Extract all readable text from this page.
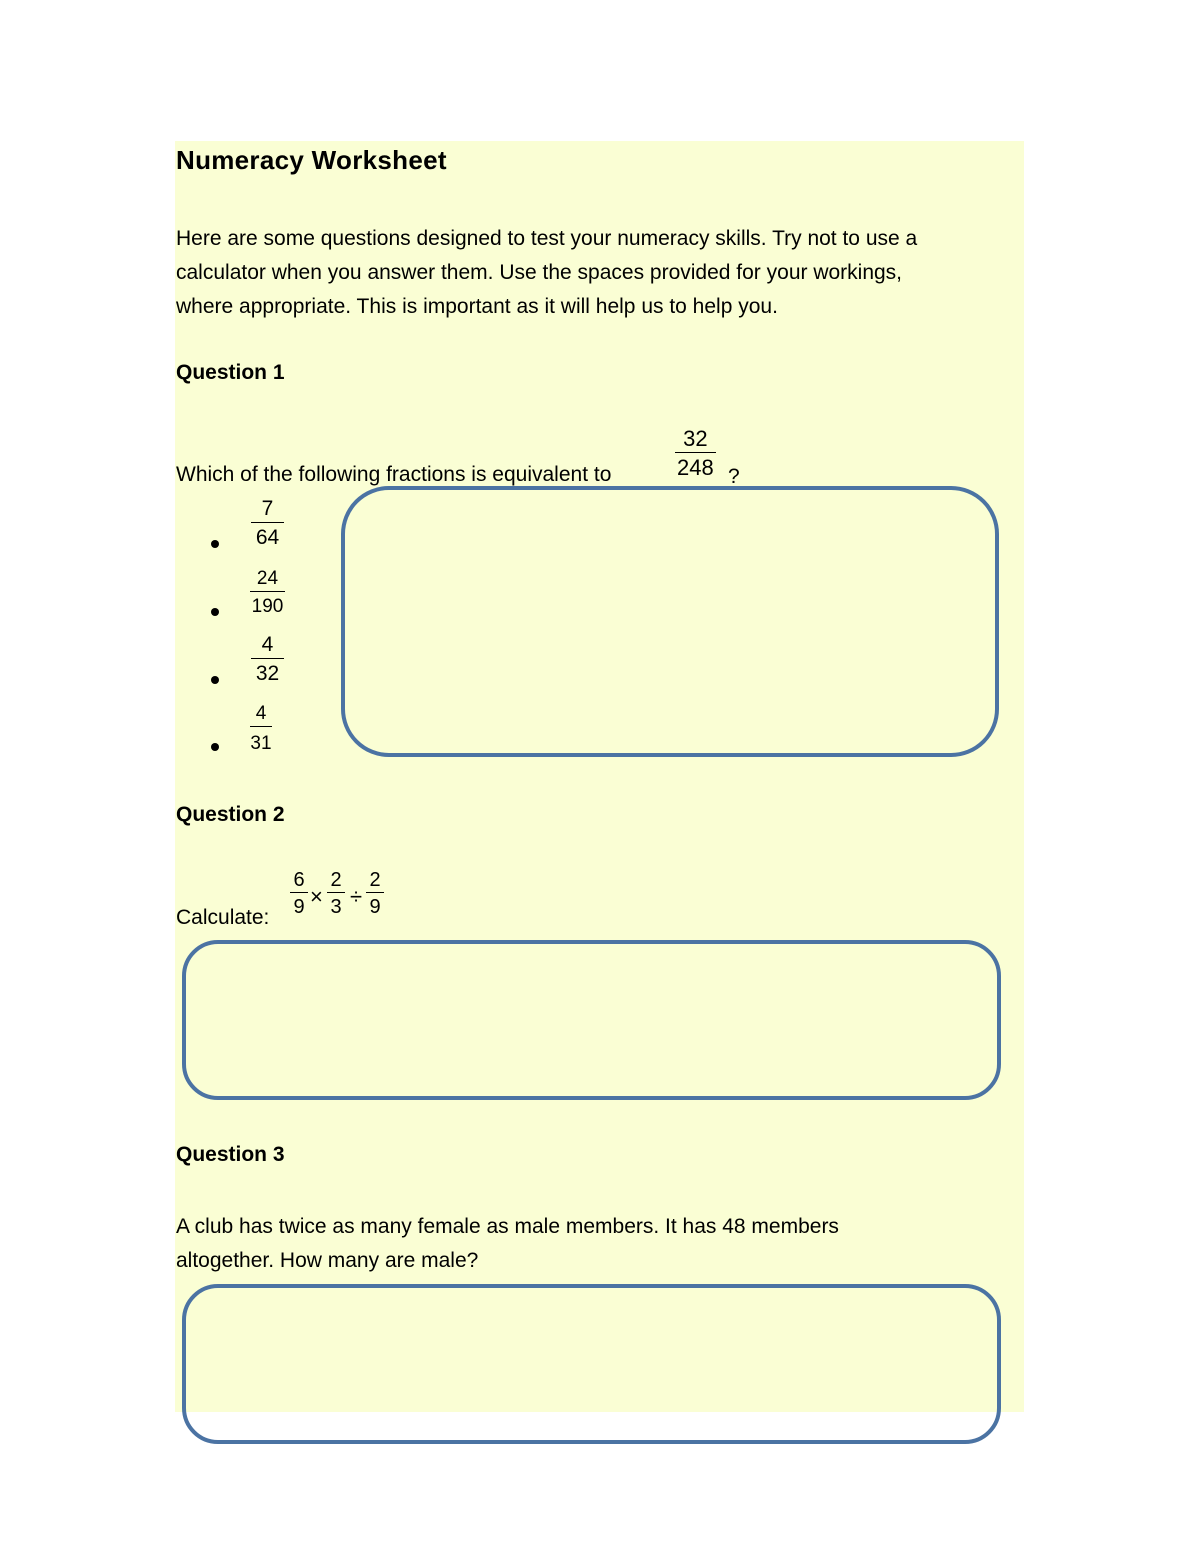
Numeracy Worksheet
Here are some questions designed to test your numeracy skills. Try not to use a
calculator when you answer them. Use the spaces provided for your workings,
where appropriate. This is important as it will help us to help you.
Question 1
Which of the following fractions is equivalent to
32
248 ?
7
64
24
190
4
32
4
31
Question 2
Calculate:
6
9 ×
2
3 ÷
2
9
Question 3
A club has twice as many female as male members. It has 48 members
altogether. How many are male?
